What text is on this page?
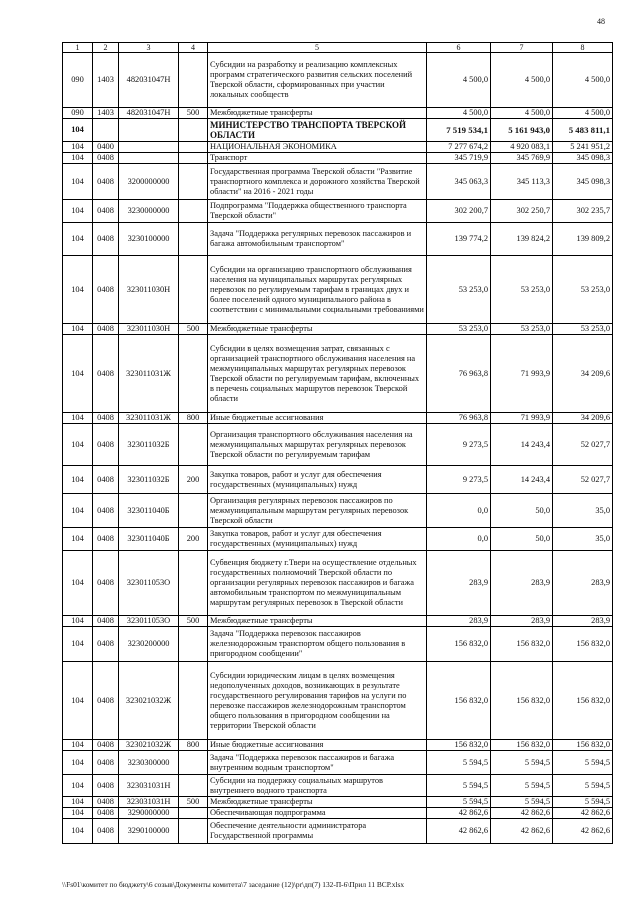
48
1	2	3	4	5	6	7	8
090	1403	482031047Н		Субсидии на разработку и реализацию комплексных программ стратегического развития сельских поселений Тверской области, сформированных при участии локальных сообществ	4 500,0	4 500,0	4 500,0
090	1403	482031047Н	500	Межбюджетные трансферты	4 500,0	4 500,0	4 500,0
104				МИНИСТЕРСТВО ТРАНСПОРТА ТВЕРСКОЙ ОБЛАСТИ	7 519 534,1	5 161 943,0	5 483 811,1
104	0400			НАЦИОНАЛЬНАЯ ЭКОНОМИКА	7 277 674,2	4 920 083,1	5 241 951,2
104	0408			Транспорт	345 719,9	345 769,9	345 098,3
104	0408	3200000000		Государственная программа Тверской области "Развитие транспортного комплекса и дорожного хозяйства Тверской области" на 2016 - 2021 годы	345 063,3	345 113,3	345 098,3
104	0408	3230000000		Подпрограмма "Поддержка общественного транспорта Тверской области"	302 200,7	302 250,7	302 235,7
104	0408	3230100000		Задача "Поддержка регулярных перевозок пассажиров и багажа автомобильным транспортом"	139 774,2	139 824,2	139 809,2
104	0408	323011030Н		Субсидии на организацию транспортного обслуживания населения на муниципальных маршрутах регулярных перевозок по регулируемым тарифам в границах двух и более поселений одного муниципального района в соответствии с минимальными социальными требованиями	53 253,0	53 253,0	53 253,0
104	0408	323011030Н	500	Межбюджетные трансферты	53 253,0	53 253,0	53 253,0
104	0408	323011031Ж		Субсидии в целях возмещения затрат, связанных с организацией транспортного обслуживания населения на межмуниципальных маршрутах регулярных перевозок Тверской области по регулируемым тарифам, включенных в перечень социальных маршрутов перевозок Тверской области	76 963,8	71 993,9	34 209,6
104	0408	323011031Ж	800	Иные бюджетные ассигнования	76 963,8	71 993,9	34 209,6
104	0408	323011032Б		Организация транспортного обслуживания населения на межмуниципальных маршрутах регулярных перевозок Тверской области по регулируемым тарифам	9 273,5	14 243,4	52 027,7
104	0408	323011032Б	200	Закупка товаров, работ и услуг для обеспечения государственных (муниципальных) нужд	9 273,5	14 243,4	52 027,7
104	0408	323011040Б		Организация регулярных перевозок пассажиров по межмуниципальным маршрутам регулярных перевозок Тверской области	0,0	50,0	35,0
104	0408	323011040Б	200	Закупка товаров, работ и услуг для обеспечения государственных (муниципальных) нужд	0,0	50,0	35,0
104	0408	323011053О		Субвенция бюджету г.Твери на осуществление отдельных государственных полномочий Тверской области по организации регулярных перевозок пассажиров и багажа автомобильным транспортом по межмуниципальным маршрутам регулярных перевозок в Тверской области	283,9	283,9	283,9
104	0408	323011053О	500	Межбюджетные трансферты	283,9	283,9	283,9
104	0408	3230200000		Задача "Поддержка перевозок пассажиров железнодорожным транспортом общего пользования в пригородном сообщении"	156 832,0	156 832,0	156 832,0
104	0408	323021032Ж		Субсидии юридическим лицам в целях возмещения недополученных доходов, возникающих в результате государственного регулирования тарифов на услуги по перевозке пассажиров железнодорожным транспортом общего пользования в пригородном сообщении на территории Тверской области	156 832,0	156 832,0	156 832,0
104	0408	323021032Ж	800	Иные бюджетные ассигнования	156 832,0	156 832,0	156 832,0
104	0408	3230300000		Задача "Поддержка перевозок пассажиров и багажа внутренним водным транспортом"	5 594,5	5 594,5	5 594,5
104	0408	323031031Н		Субсидии на поддержку социальных маршрутов внутреннего водного транспорта	5 594,5	5 594,5	5 594,5
104	0408	323031031Н	500	Межбюджетные трансферты	5 594,5	5 594,5	5 594,5
104	0408	3290000000		Обеспечивающая подпрограмма	42 862,6	42 862,6	42 862,6
104	0408	3290100000		Обеспечение деятельности администратора Государственной программы	42 862,6	42 862,6	42 862,6
\\Fs01\комитет по бюджету\6 созыв\Документы комитета\7 заседание (12)\pr\дп(7) 132-П-6\Прил 11 ВСР.xlsx
